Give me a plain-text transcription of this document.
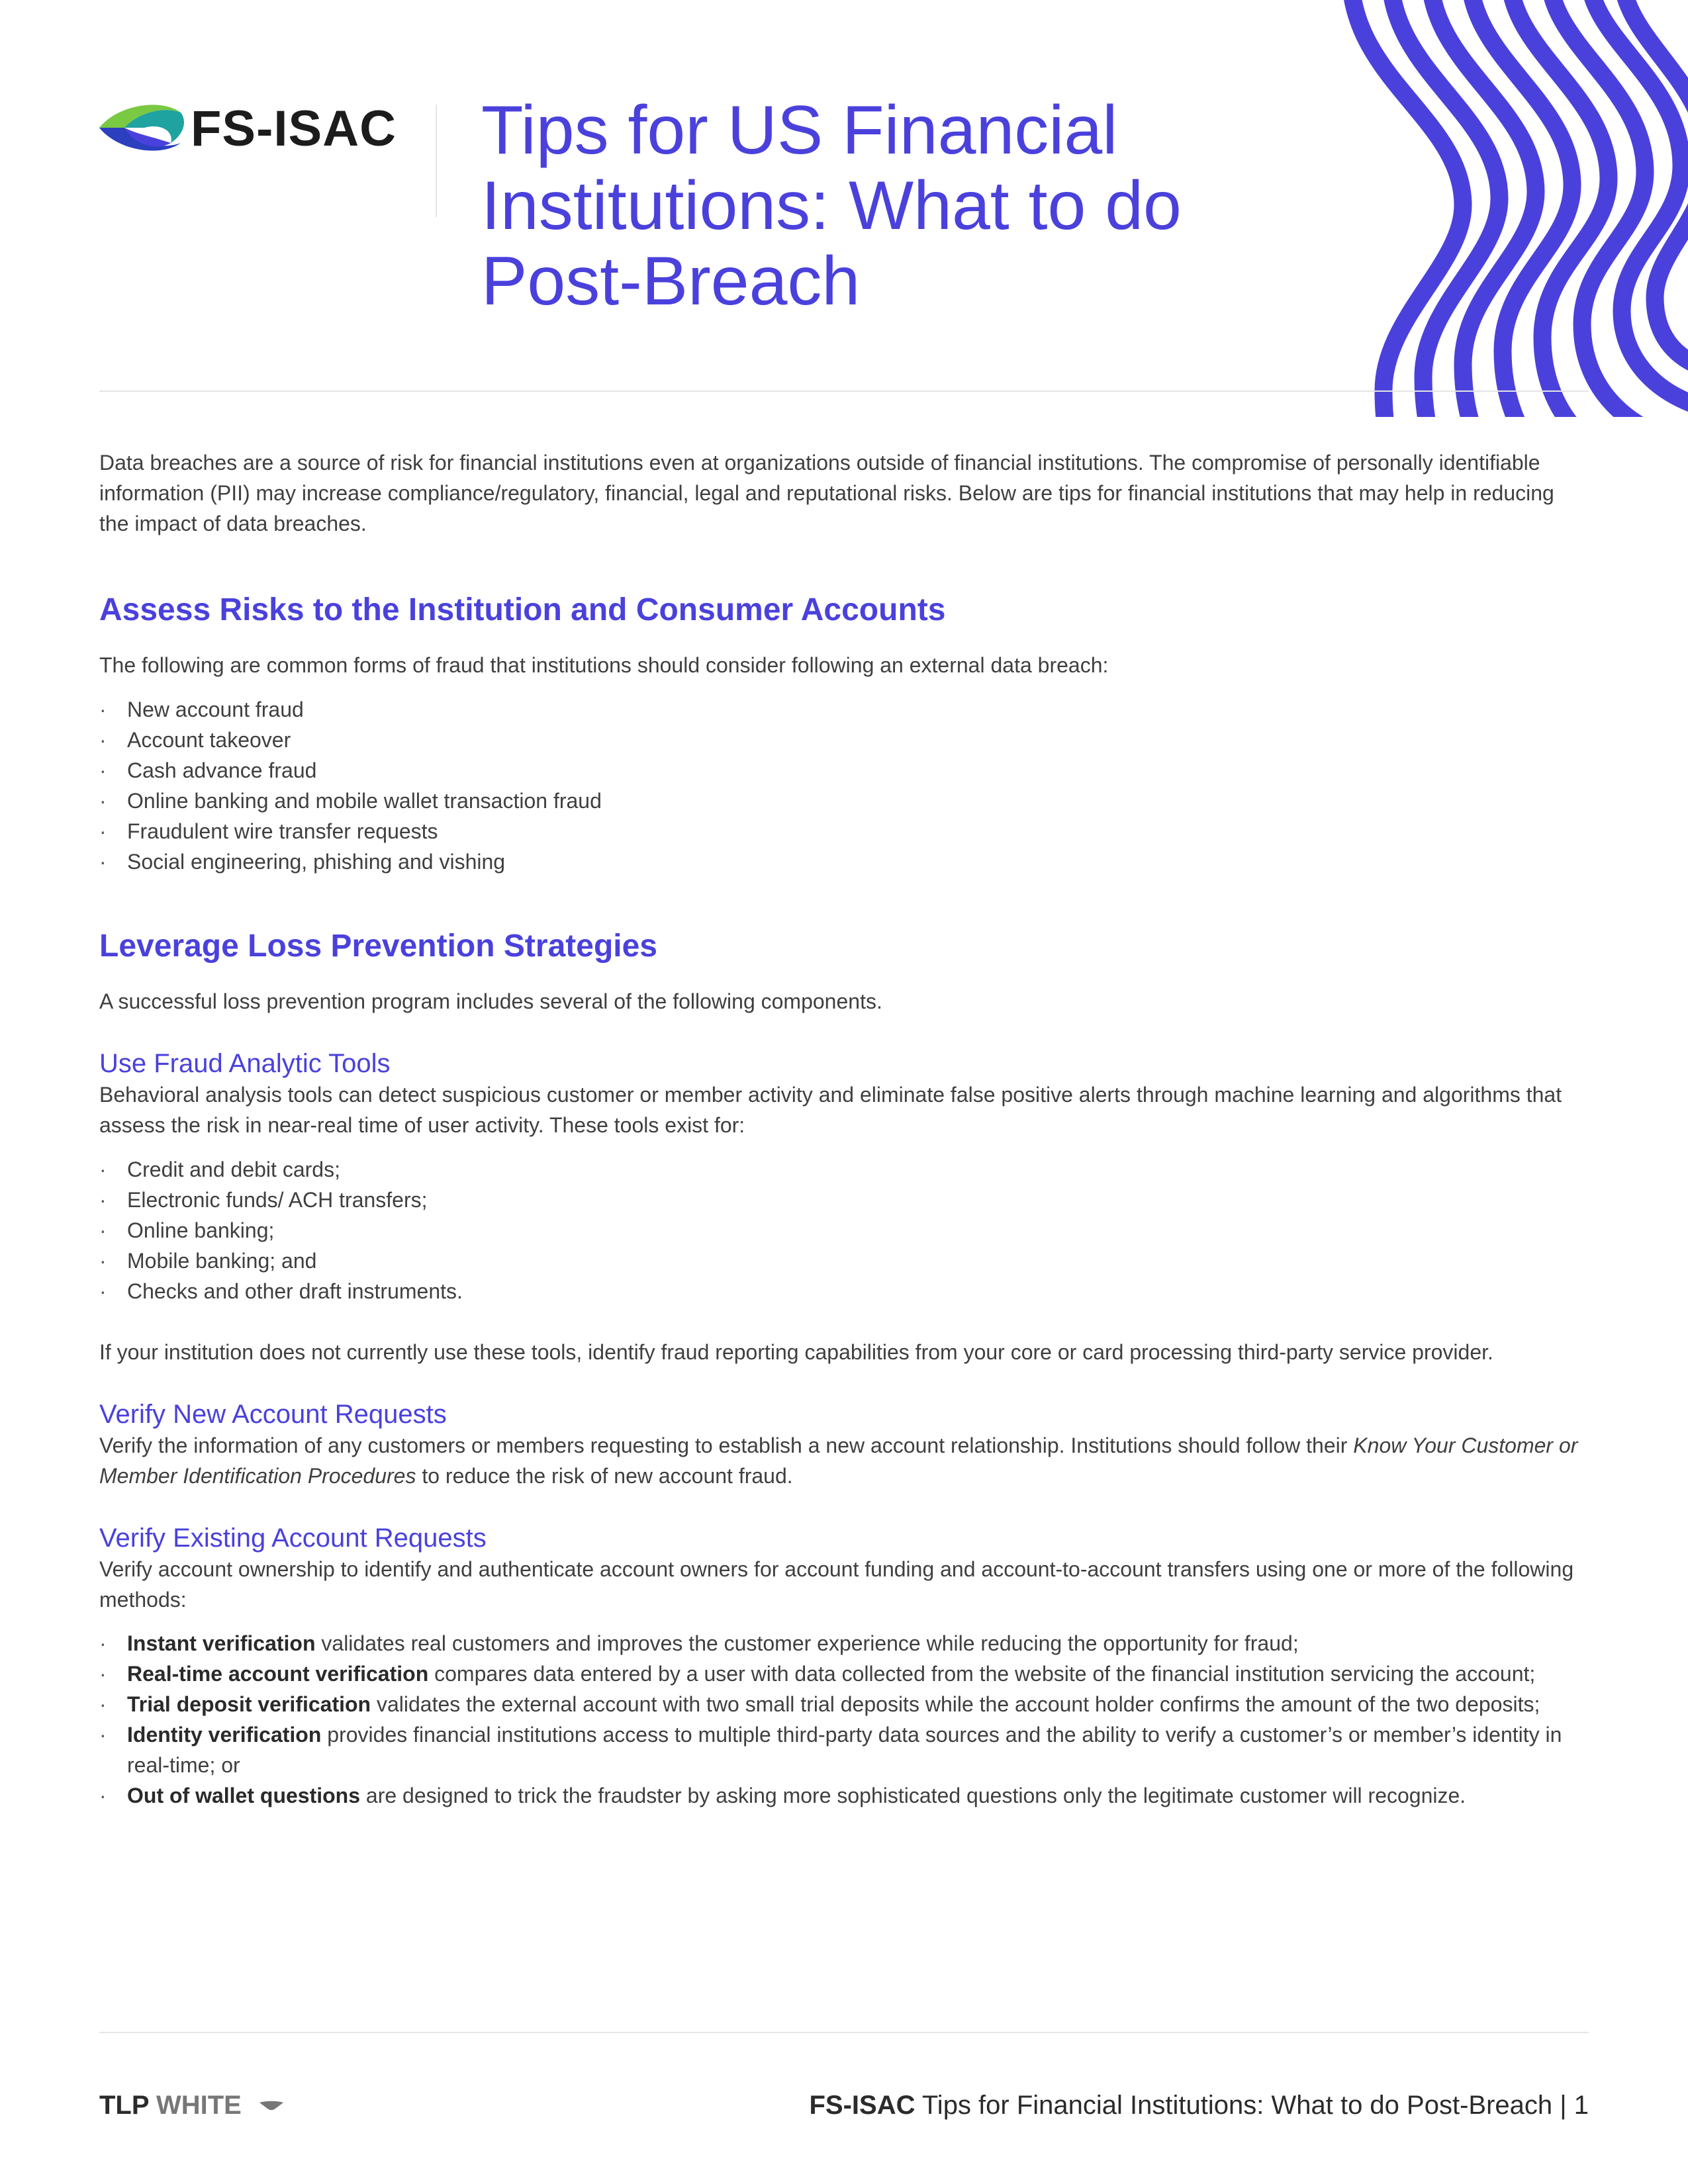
FS-ISAC Tips for US Financial
Institutions: What to do
Post-Breach

Data breaches are a source of risk for financial institutions even at organizations outside of financial institutions. The compromise of personally identifiable information (PII) may increase compliance/regulatory, financial, legal and reputational risks. Below are tips for financial institutions that may help in reducing the impact of data breaches.

Assess Risks to the Institution and Consumer Accounts

The following are common forms of fraud that institutions should consider following an external data breach:

· New account fraud
· Account takeover
· Cash advance fraud
· Online banking and mobile wallet transaction fraud
· Fraudulent wire transfer requests
· Social engineering, phishing and vishing
Leverage Loss Prevention Strategies

A successful loss prevention program includes several of the following components.

Use Fraud Analytic Tools

Behavioral analysis tools can detect suspicious customer or member activity and eliminate false positive alerts through machine learning and algorithms that assess the risk in near-real time of user activity. These tools exist for:

· Credit and debit cards;
· Electronic funds/ ACH transfers;
· Online banking;
· Mobile banking; and
· Checks and other draft instruments.

If your institution does not currently use these tools, identify fraud reporting capabilities from your core or card processing third-party service provider.

Verify New Account Requests

Verify the information of any customers or members requesting to establish a new account relationship. Institutions should follow their Know Your Customer or Member Identification Procedures to reduce the risk of new account fraud.

Verify Existing Account Requests

Verify account ownership to identify and authenticate account owners for account funding and account-to-account transfers using one or more of the following methods:

· Instant verification validates real customers and improves the customer experience while reducing the opportunity for fraud;
· Real-time account verification compares data entered by a user with data collected from the website of the financial institution servicing the account;
· Trial deposit verification validates the external account with two small trial deposits while the account holder confirms the amount of the two deposits;
· Identity verification provides financial institutions access to multiple third-party data sources and the ability to verify a customer’s or member’s identity in real-time; or
· Out of wallet questions are designed to trick the fraudster by asking more sophisticated questions only the legitimate customer will recognize.
TLP WHITE	FS-ISAC Tips for Financial Institutions: What to do Post-Breach | 1
